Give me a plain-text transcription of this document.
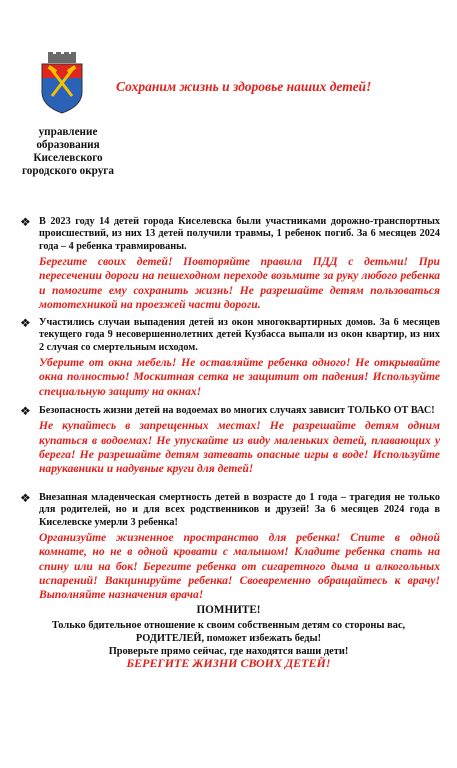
управление образования Киселевского городского округа
Сохраним жизнь и здоровье наших детей!
❖ В 2023 году 14 детей города Киселевска были участниками дорожно-транспортных происшествий, из них 13 детей получили травмы, 1 ребенок погиб. За 6 месяцев 2024 года – 4 ребенка травмированы.

Берегите своих детей! Повторяйте правила ПДД с детьми! При пересечении дороги на пешеходном переходе возьмите за руку любого ребенка и помогите ему сохранить жизнь! Не разрешайте детям пользоваться мототехникой на проезжей части дороги.

❖ Участились случаи выпадения детей из окон многоквартирных домов. За 6 месяцев текущего года 9 несовершеннолетних детей Кузбасса выпали из окон квартир, из них 2 случая со смертельным исходом.

Уберите от окна мебель! Не оставляйте ребенка одного! Не открывайте окна полностью! Москитная сетка не защитит от падения! Используйте специальную защиту на окнах!

❖ Безопасность жизни детей на водоемах во многих случаях зависит ТОЛЬКО ОТ ВАС!

Не купайтесь в запрещенных местах! Не разрешайте детям одним купаться в водоемах! Не упускайте из виду маленьких детей, плавающих у берега! Не разрешайте детям затевать опасные игры в воде! Используйте нарукавники и надувные круги для детей!

❖ Внезапная младенческая смертность детей в возрасте до 1 года – трагедия не только для родителей, но и для всех родственников и друзей! За 6 месяцев 2024 года в Киселевске умерли 3 ребенка!

Организуйте жизненное пространство для ребенка! Спите в одной комнате, но не в одной кровати с малышом! Кладите ребенка спать на спину или на бок! Берегите ребенка от сигаретного дыма и алкогольных испарений! Вакцинируйте ребенка! Своевременно обращайтесь к врачу! Выполняйте назначения врача!

ПОМНИТЕ!
Только бдительное отношение к своим собственным детям со стороны вас,
РОДИТЕЛЕЙ, поможет избежать беды!
Проверьте прямо сейчас, где находятся ваши дети!
БЕРЕГИТЕ ЖИЗНИ СВОИХ ДЕТЕЙ!
